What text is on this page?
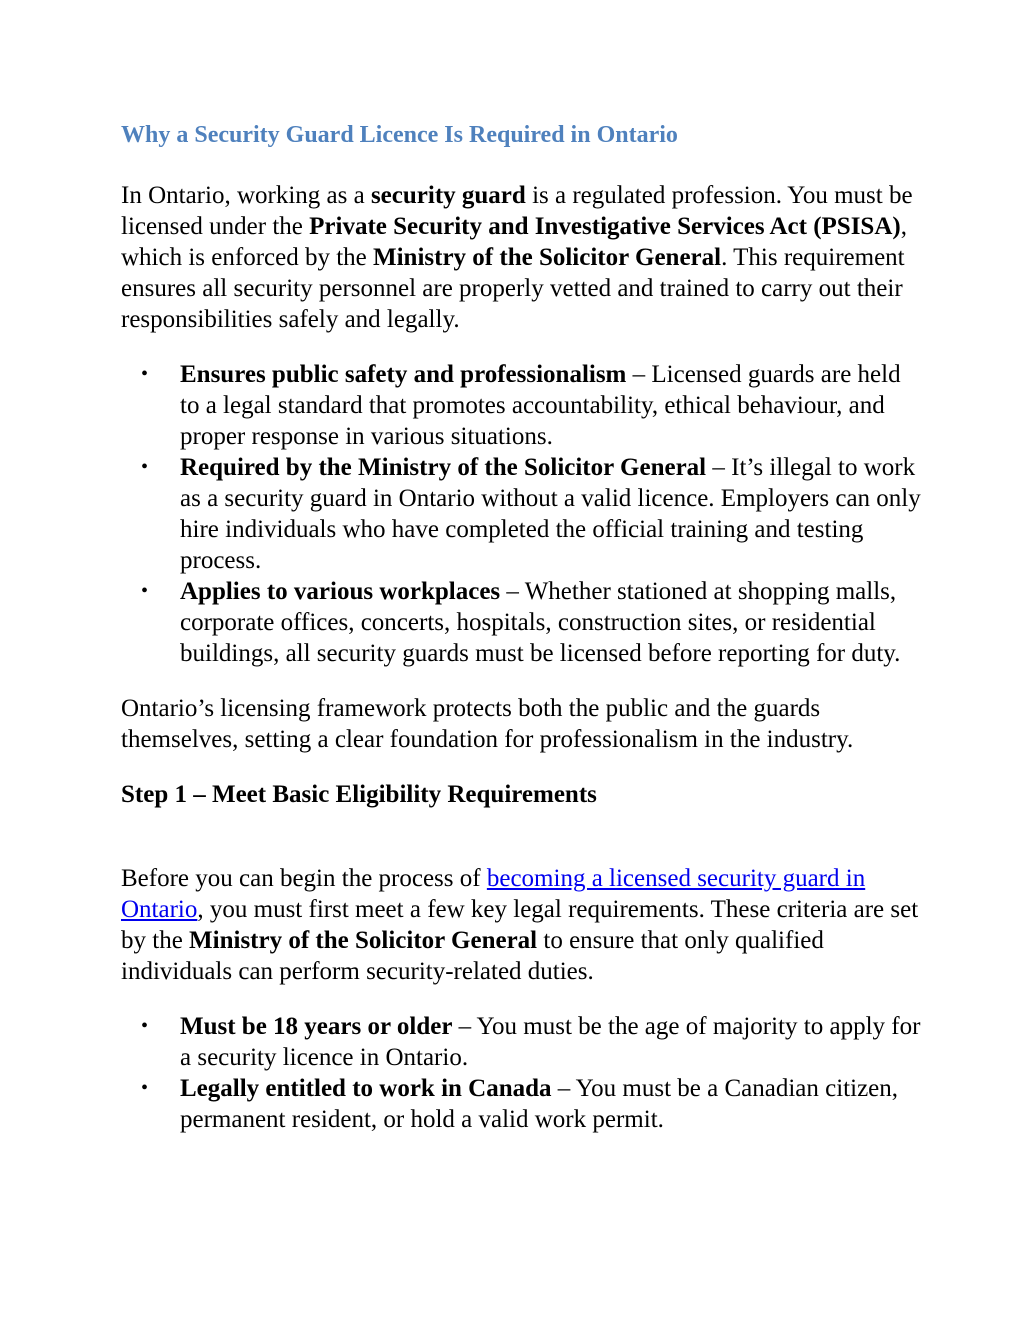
Why a Security Guard Licence Is Required in Ontario

In Ontario, working as a security guard is a regulated profession. You must be licensed under the Private Security and Investigative Services Act (PSISA), which is enforced by the Ministry of the Solicitor General. This requirement ensures all security personnel are properly vetted and trained to carry out their responsibilities safely and legally.

• Ensures public safety and professionalism – Licensed guards are held to a legal standard that promotes accountability, ethical behaviour, and proper response in various situations.
• Required by the Ministry of the Solicitor General – It’s illegal to work as a security guard in Ontario without a valid licence. Employers can only hire individuals who have completed the official training and testing process.
• Applies to various workplaces – Whether stationed at shopping malls, corporate offices, concerts, hospitals, construction sites, or residential buildings, all security guards must be licensed before reporting for duty.

Ontario’s licensing framework protects both the public and the guards themselves, setting a clear foundation for professionalism in the industry.

Step 1 – Meet Basic Eligibility Requirements

Before you can begin the process of becoming a licensed security guard in Ontario, you must first meet a few key legal requirements. These criteria are set by the Ministry of the Solicitor General to ensure that only qualified individuals can perform security-related duties.

• Must be 18 years or older – You must be the age of majority to apply for a security licence in Ontario.
• Legally entitled to work in Canada – You must be a Canadian citizen, permanent resident, or hold a valid work permit.
